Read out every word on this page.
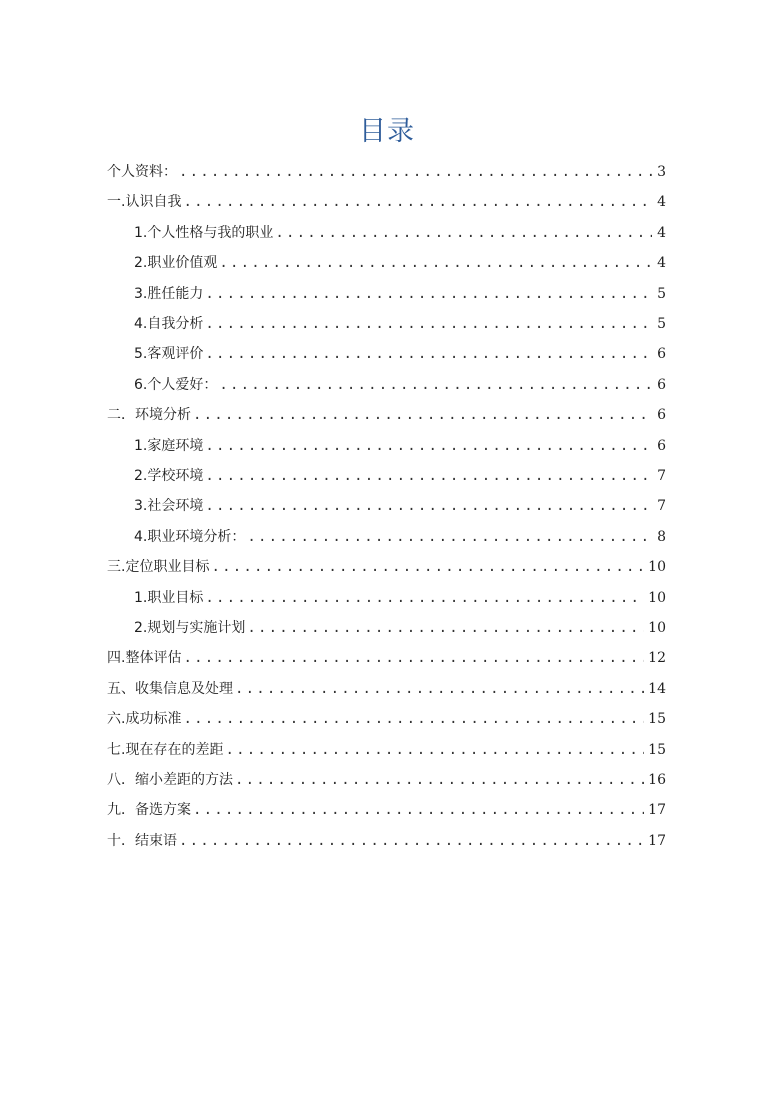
目录
个人资料： .....	3
一.认识自我 .....	4
1.个人性格与我的职业 .....	4
2.职业价值观 .....	4
3.胜任能力 .....	5
4.自我分析 .....	5
5.客观评价 .....	6
6.个人爱好： .....	6
二．环境分析 .....	6
1.家庭环境 .....	6
2.学校环境 .....	7
3.社会环境 .....	7
4.职业环境分析： .....	8
三.定位职业目标 .....	10
1.职业目标 .....	10
2.规划与实施计划 .....	10
四.整体评估 .....	12
五、收集信息及处理 .....	14
六.成功标准 .....	15
七.现在存在的差距 .....	15
八．缩小差距的方法 .....	16
九．备选方案 .....	17
十．结束语 .....	17
